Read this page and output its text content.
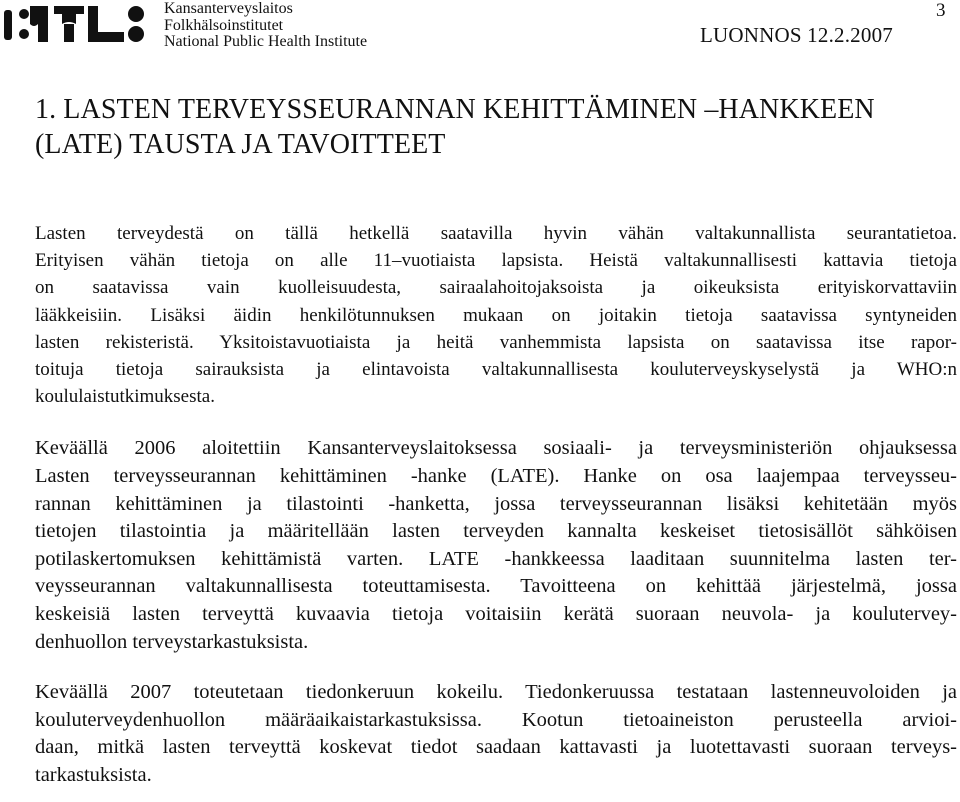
Kansanterveyslaitos
Folkhälsoinstitutet
National Public Health Institute	LUONNOS 12.2.2007
3
1. LASTEN TERVEYSSEURANNAN KEHITTÄMINEN –HANKKEEN
(LATE) TAUSTA JA TAVOITTEET
Lasten terveydestä on tällä hetkellä saatavilla hyvin vähän valtakunnallista seurantatietoa.
Erityisen vähän tietoja on alle 11–vuotiaista lapsista. Heistä valtakunnallisesti kattavia tietoja
on saatavissa vain kuolleisuudesta, sairaalahoitojaksoista ja oikeuksista erityiskorvattaviin
lääkkeisiin. Lisäksi äidin henkilötunnuksen mukaan on joitakin tietoja saatavissa syntyneiden
lasten rekisteristä. Yksitoistavuotiaista ja heitä vanhemmista lapsista on saatavissa itse rapor-
toituja tietoja sairauksista ja elintavoista valtakunnallisesta kouluterveyskyselystä ja WHO:n
koululaistutkimuksesta.
Keväällä 2006 aloitettiin Kansanterveyslaitoksessa sosiaali- ja terveysministeriön ohjauksessa
Lasten terveysseurannan kehittäminen -hanke (LATE). Hanke on osa laajempaa terveysseu-
rannan kehittäminen ja tilastointi -hanketta, jossa terveysseurannan lisäksi kehitetään myös
tietojen tilastointia ja määritellään lasten terveyden kannalta keskeiset tietosisällöt sähköisen
potilaskertomuksen kehittämistä varten. LATE -hankkeessa laaditaan suunnitelma lasten ter-
veysseurannan valtakunnallisesta toteuttamisesta. Tavoitteena on kehittää järjestelmä, jossa
keskeisiä lasten terveyttä kuvaavia tietoja voitaisiin kerätä suoraan neuvola- ja koulutervey-
denhuollon terveystarkastuksista.
Keväällä 2007 toteutetaan tiedonkeruun kokeilu. Tiedonkeruussa testataan lastenneuvoloiden ja
kouluterveydenhuollon määräaikaistarkastuksissa. Kootun tietoaineiston perusteella arvioi-
daan, mitkä lasten terveyttä koskevat tiedot saadaan kattavasti ja luotettavasti suoraan terveys-
tarkastuksista.
